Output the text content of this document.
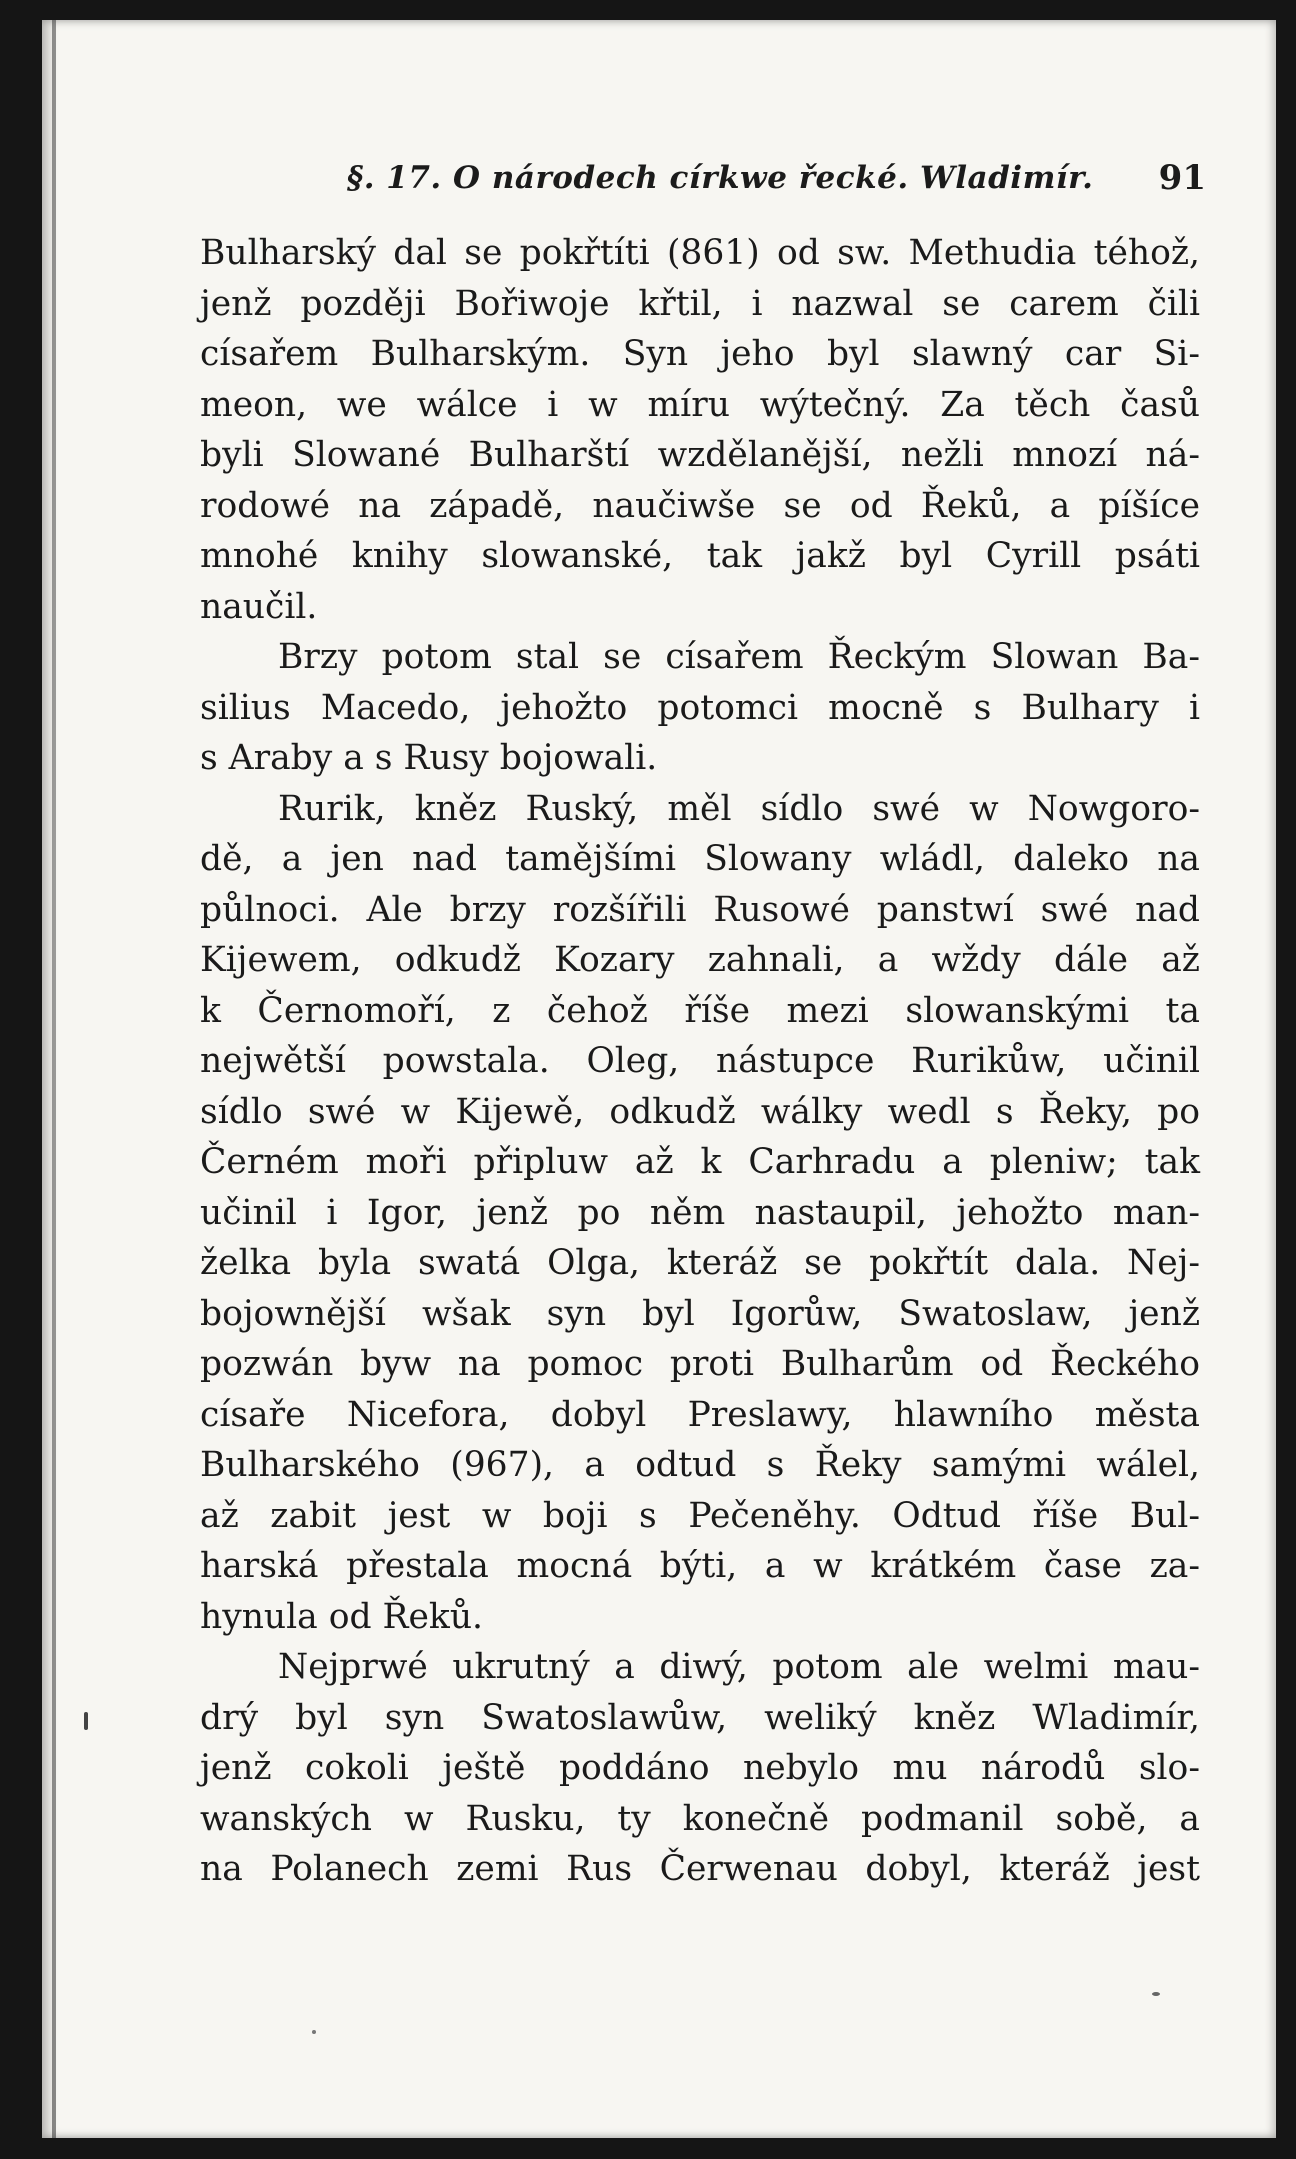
§. 17. O národech církwe řecké. Wladimír. 91
Bulharský dal se pokřtíti (861) od sw. Methudia téhož,
jenž později Bořiwoje křtil, i nazwal se carem čili
císařem Bulharským. Syn jeho byl slawný car Si-
meon, we wálce i w míru wýtečný. Za těch časů
byli Slowané Bulharští wzdělanější, nežli mnozí ná-
rodowé na západě, naučiwše se od Řeků, a píšíce
mnohé knihy slowanské, tak jakž byl Cyrill psáti
naučil.
Brzy potom stal se císařem Řeckým Slowan Ba-
silius Macedo, jehožto potomci mocně s Bulhary i
s Araby a s Rusy bojowali.
Rurik, kněz Ruský, měl sídlo swé w Nowgoro-
dě, a jen nad tamějšími Slowany wládl, daleko na
půlnoci. Ale brzy rozšířili Rusowé panstwí swé nad
Kijewem, odkudž Kozary zahnali, a wždy dále až
k Černomoří, z čehož říše mezi slowanskými ta
nejwětší powstala. Oleg, nástupce Rurikůw, učinil
sídlo swé w Kijewě, odkudž wálky wedl s Řeky, po
Černém moři připluw až k Carhradu a pleniw; tak
učinil i Igor, jenž po něm nastaupil, jehožto man-
želka byla swatá Olga, kteráž se pokřtít dala. Nej-
bojownější wšak syn byl Igorůw, Swatoslaw, jenž
pozwán byw na pomoc proti Bulharům od Řeckého
císaře Nicefora, dobyl Preslawy, hlawního města
Bulharského (967), a odtud s Řeky samými wálel,
až zabit jest w boji s Pečeněhy. Odtud říše Bul-
harská přestala mocná býti, a w krátkém čase za-
hynula od Řeků.
Nejprwé ukrutný a diwý, potom ale welmi mau-
drý byl syn Swatoslawůw, weliký kněz Wladimír,
jenž cokoli ještě poddáno nebylo mu národů slo-
wanských w Rusku, ty konečně podmanil sobě, a
na Polanech zemi Rus Čerwenau dobyl, kteráž jest
